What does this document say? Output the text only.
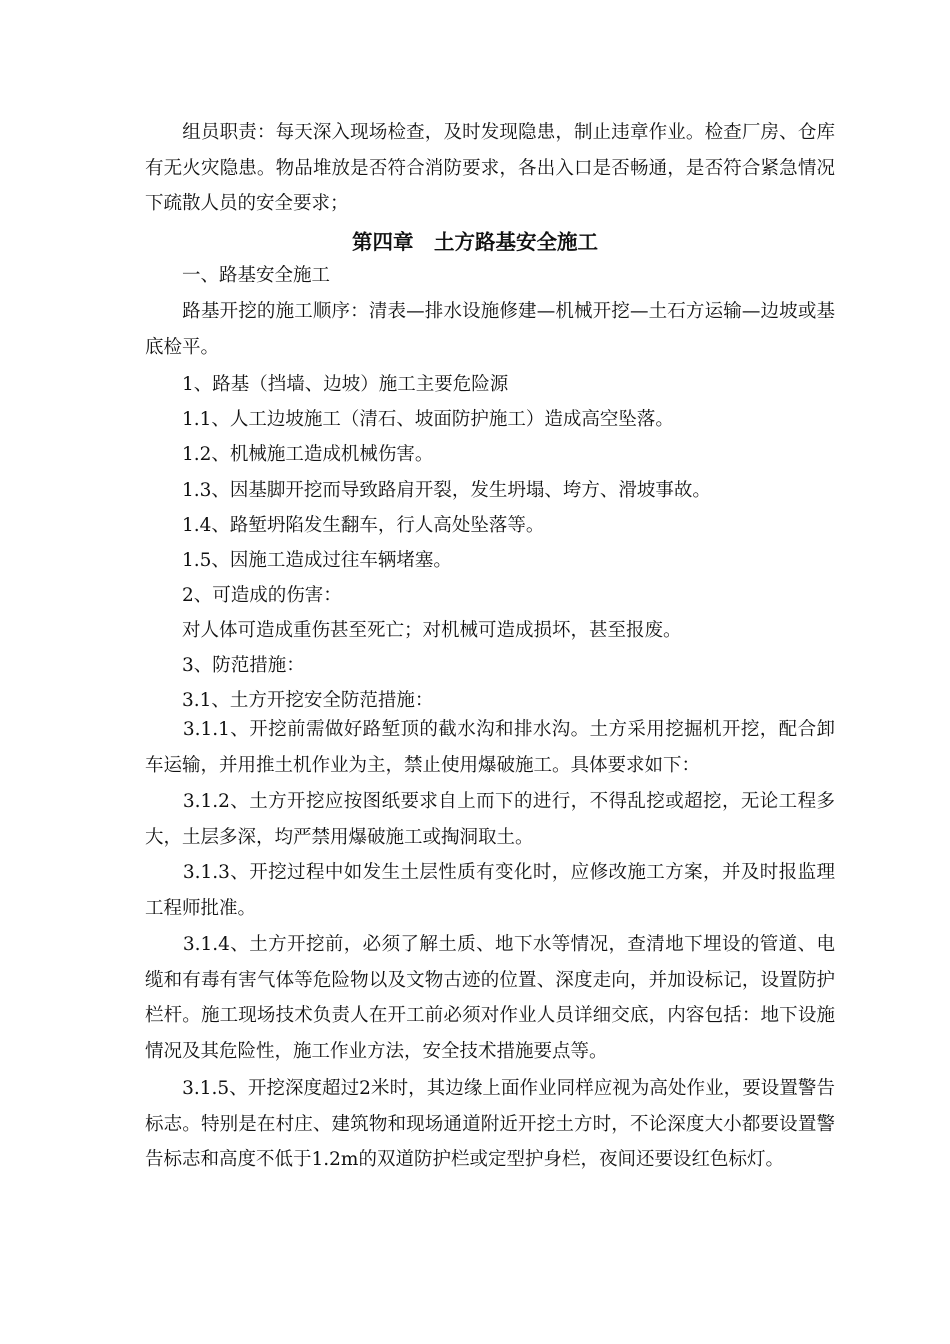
　　组员职责：每天深入现场检查，及时发现隐患，制止违章作业。检查厂房、仓库有无火灾隐患。物品堆放是否符合消防要求，各出入口是否畅通，是否符合紧急情况下疏散人员的安全要求；

第四章　土方路基安全施工

　　一、路基安全施工

　　路基开挖的施工顺序：清表—排水设施修建—机械开挖—土石方运输—边坡或基底检平。

　　1、路基（挡墙、边坡）施工主要危险源

　　1.1、人工边坡施工（清石、坡面防护施工）造成高空坠落。

　　1.2、机械施工造成机械伤害。

　　1.3、因基脚开挖而导致路肩开裂，发生坍塌、垮方、滑坡事故。

　　1.4、路堑坍陷发生翻车，行人高处坠落等。

　　1.5、因施工造成过往车辆堵塞。

　　2、可造成的伤害：

　　对人体可造成重伤甚至死亡；对机械可造成损坏，甚至报废。

　　3、防范措施：

　　3.1、土方开挖安全防范措施：

　　3.1.1、开挖前需做好路堑顶的截水沟和排水沟。土方采用挖掘机开挖，配合卸车运输，并用推土机作业为主，禁止使用爆破施工。具体要求如下：

　　3.1.2、土方开挖应按图纸要求自上而下的进行，不得乱挖或超挖，无论工程多大，土层多深，均严禁用爆破施工或掏洞取土。

　　3.1.3、开挖过程中如发生土层性质有变化时，应修改施工方案，并及时报监理工程师批准。

　　3.1.4、土方开挖前，必须了解土质、地下水等情况，查清地下埋设的管道、电缆和有毒有害气体等危险物以及文物古迹的位置、深度走向，并加设标记，设置防护栏杆。施工现场技术负责人在开工前必须对作业人员详细交底，内容包括：地下设施情况及其危险性，施工作业方法，安全技术措施要点等。

　　3.1.5、开挖深度超过2米时，其边缘上面作业同样应视为高处作业，要设置警告标志。特别是在村庄、建筑物和现场通道附近开挖土方时，不论深度大小都要设置警告标志和高度不低于1.2m的双道防护栏或定型护身栏，夜间还要设红色标灯。
